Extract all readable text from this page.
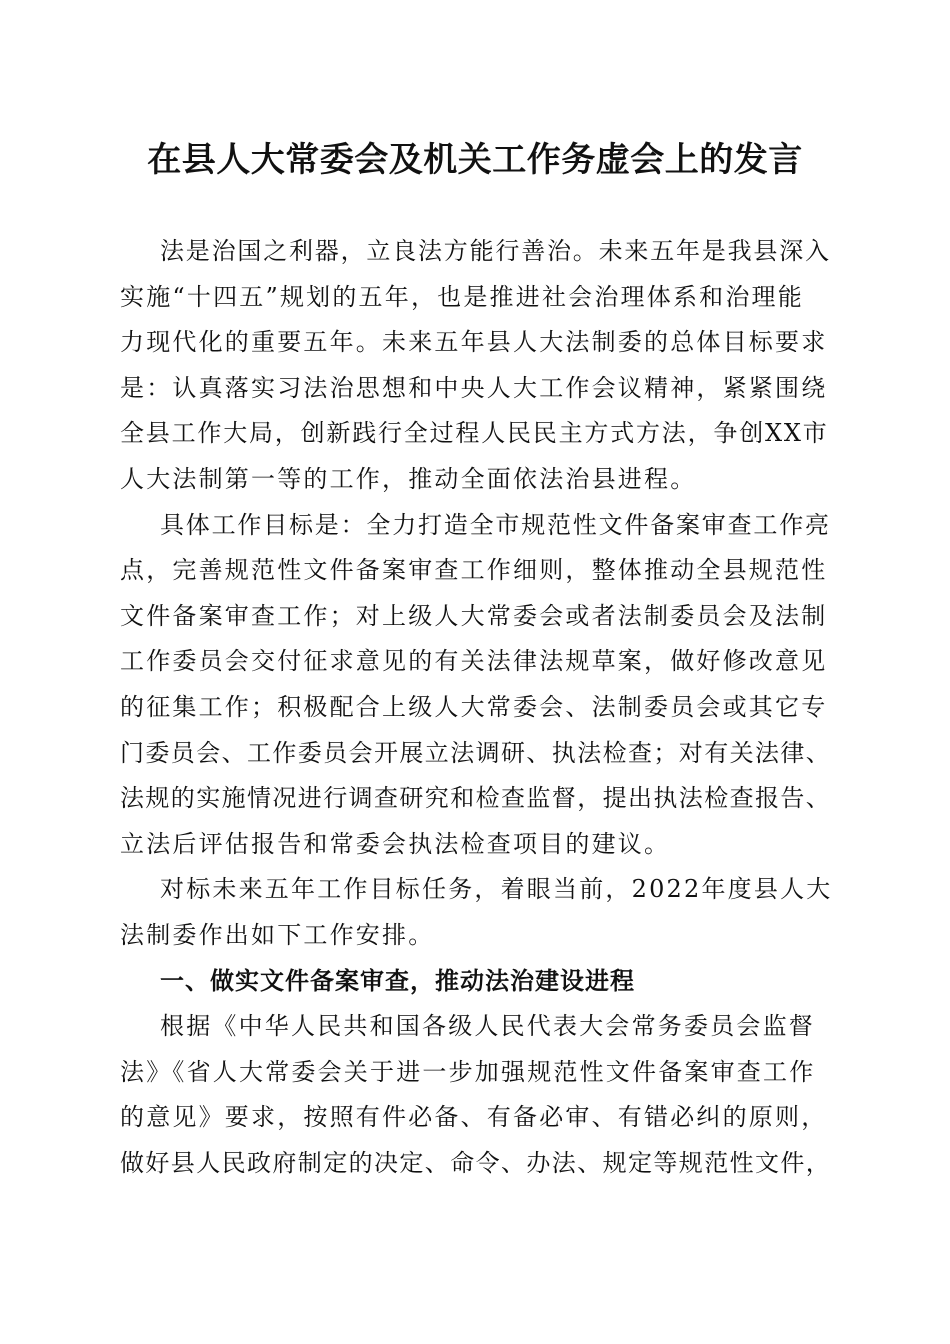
在县人大常委会及机关工作务虚会上的发言
法是治国之利器，立良法方能行善治。未来五年是我县深入
实施“十四五”规划的五年，也是推进社会治理体系和治理能
力现代化的重要五年。未来五年县人大法制委的总体目标要求
是：认真落实习法治思想和中央人大工作会议精神，紧紧围绕
全县工作大局，创新践行全过程人民民主方式方法，争创XX市
人大法制第一等的工作，推动全面依法治县进程。
具体工作目标是：全力打造全市规范性文件备案审查工作亮
点，完善规范性文件备案审查工作细则，整体推动全县规范性
文件备案审查工作；对上级人大常委会或者法制委员会及法制
工作委员会交付征求意见的有关法律法规草案，做好修改意见
的征集工作；积极配合上级人大常委会、法制委员会或其它专
门委员会、工作委员会开展立法调研、执法检查；对有关法律、
法规的实施情况进行调查研究和检查监督，提出执法检查报告、
立法后评估报告和常委会执法检查项目的建议。
对标未来五年工作目标任务，着眼当前，2022年度县人大
法制委作出如下工作安排。
一、做实文件备案审查，推动法治建设进程
根据《中华人民共和国各级人民代表大会常务委员会监督
法》《省人大常委会关于进一步加强规范性文件备案审查工作
的意见》要求，按照有件必备、有备必审、有错必纠的原则，
做好县人民政府制定的决定、命令、办法、规定等规范性文件，
